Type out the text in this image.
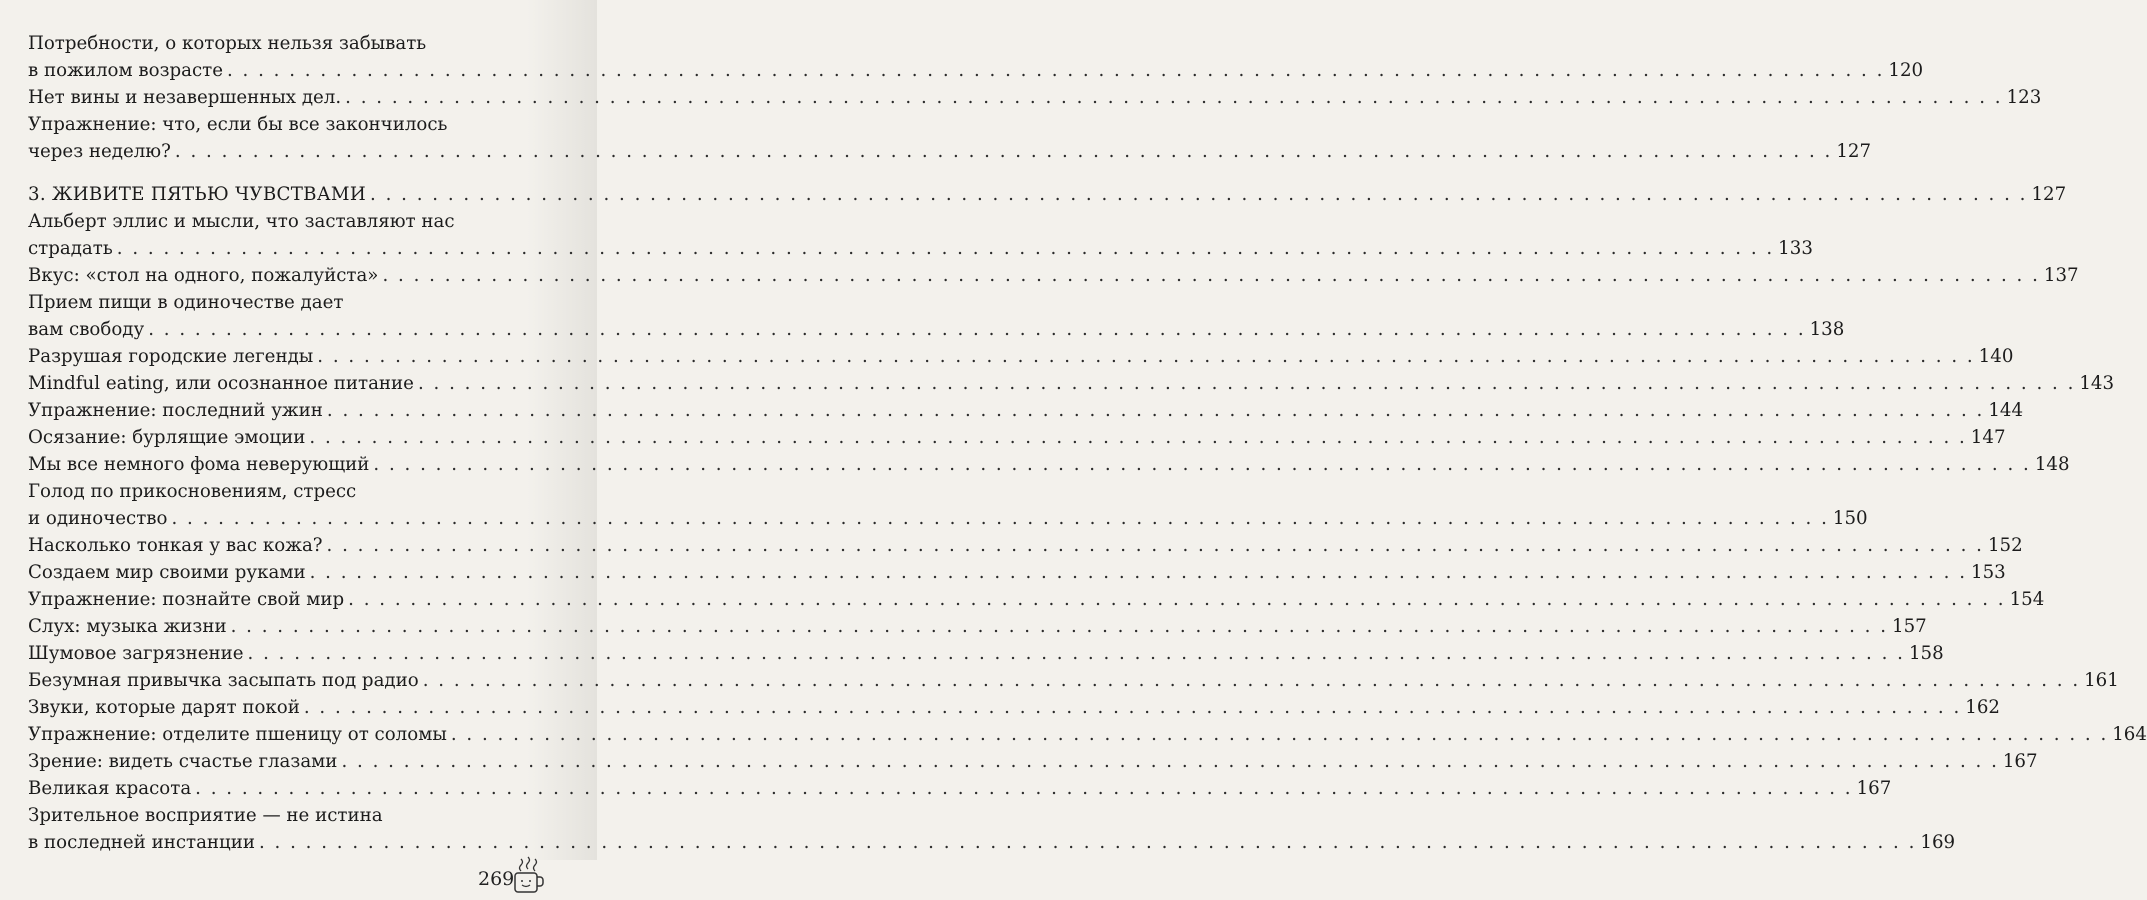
Потребности, о которых нельзя забывать
в пожилом возрасте . . .	120
Нет вины и незавершенных дел. . . .	123
Упражнение: что, если бы все закончилось
через неделю? . . .	127
3. ЖИВИТЕ ПЯТЬЮ ЧУВСТВАМИ . . .	127
Альберт эллис и мысли, что заставляют нас
страдать . . .	133
Вкус: «стол на одного, пожалуйста» . . .	137
Прием пищи в одиночестве дает
вам свободу . . .	138
Разрушая городские легенды . . .	140
Mindful eating, или осознанное питание . . .	143
Упражнение: последний ужин . . .	144
Осязание: бурлящие эмоции . . .	147
Мы все немного фома неверующий . . .	148
Голод по прикосновениям, стресс
и одиночество . . .	150
Насколько тонкая у вас кожа? . . .	152
Создаем мир своими руками . . .	153
Упражнение: познайте свой мир . . .	154
Слух: музыка жизни . . .	157
Шумовое загрязнение . . .	158
Безумная привычка засыпать под радио . . .	161
Звуки, которые дарят покой . . .	162
Упражнение: отделите пшеницу от соломы . . .	164
Зрение: видеть счастье глазами . . .	167
Великая красота . . .	167
Зрительное восприятие — не истина
в последней инстанции . . .	169
269
